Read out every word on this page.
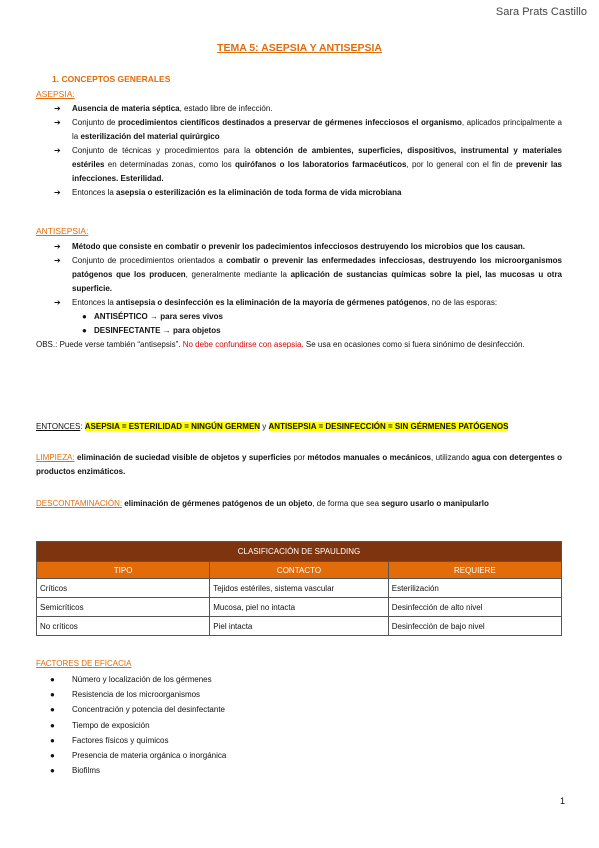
Sara Prats Castillo
TEMA 5: ASEPSIA Y ANTISEPSIA
1. CONCEPTOS GENERALES
ASEPSIA:
➔ Ausencia de materia séptica, estado libre de infección.
➔ Conjunto de procedimientos científicos destinados a preservar de gérmenes infecciosos el organismo, aplicados principalmente a la esterilización del material quirúrgico
➔ Conjunto de técnicas y procedimientos para la obtención de ambientes, superficies, dispositivos, instrumental y materiales estériles en determinadas zonas, como los quirófanos o los laboratorios farmacéuticos, por lo general con el fin de prevenir las infecciones. Esterilidad.
➔ Entonces la asepsia o esterilización es la eliminación de toda forma de vida microbiana
ANTISEPSIA:
➔ Método que consiste en combatir o prevenir los padecimientos infecciosos destruyendo los microbios que los causan.
➔ Conjunto de procedimientos orientados a combatir o prevenir las enfermedades infecciosas, destruyendo los microorganismos patógenos que los producen, generalmente mediante la aplicación de sustancias químicas sobre la piel, las mucosas u otra superficie.
➔ Entonces la antisepsia o desinfección es la eliminación de la mayoría de gérmenes patógenos, no de las esporas:
● ANTISÉPTICO → para seres vivos
● DESINFECTANTE → para objetos
OBS.: Puede verse también “antisepsis”. No debe confundirse con asepsia. Se usa en ocasiones como si fuera sinónimo de desinfección.
ENTONCES: ASEPSIA = ESTERILIDAD = NINGÚN GERMEN y ANTISEPSIA = DESINFECCIÓN = SIN GÉRMENES PATÓGENOS
LIMPIEZA: eliminación de suciedad visible de objetos y superficies por métodos manuales o mecánicos, utilizando agua con detergentes o productos enzimáticos.
DESCONTAMINACIÓN: eliminación de gérmenes patógenos de un objeto, de forma que sea seguro usarlo o manipularlo
CLASIFICACIÓN DE SPAULDING		
TIPO	CONTACTO	REQUIERE
Críticos	Tejidos estériles, sistema vascular	Esterilización
Semicríticos	Mucosa, piel no intacta	Desinfección de alto nivel
No críticos	Piel intacta	Desinfección de bajo nivel
FACTORES DE EFICACIA
● Número y localización de los gérmenes
● Resistencia de los microorganismos
● Concentración y potencia del desinfectante
● Tiempo de exposición
● Factores físicos y químicos
● Presencia de materia orgánica o inorgánica
● Biofilms
1
